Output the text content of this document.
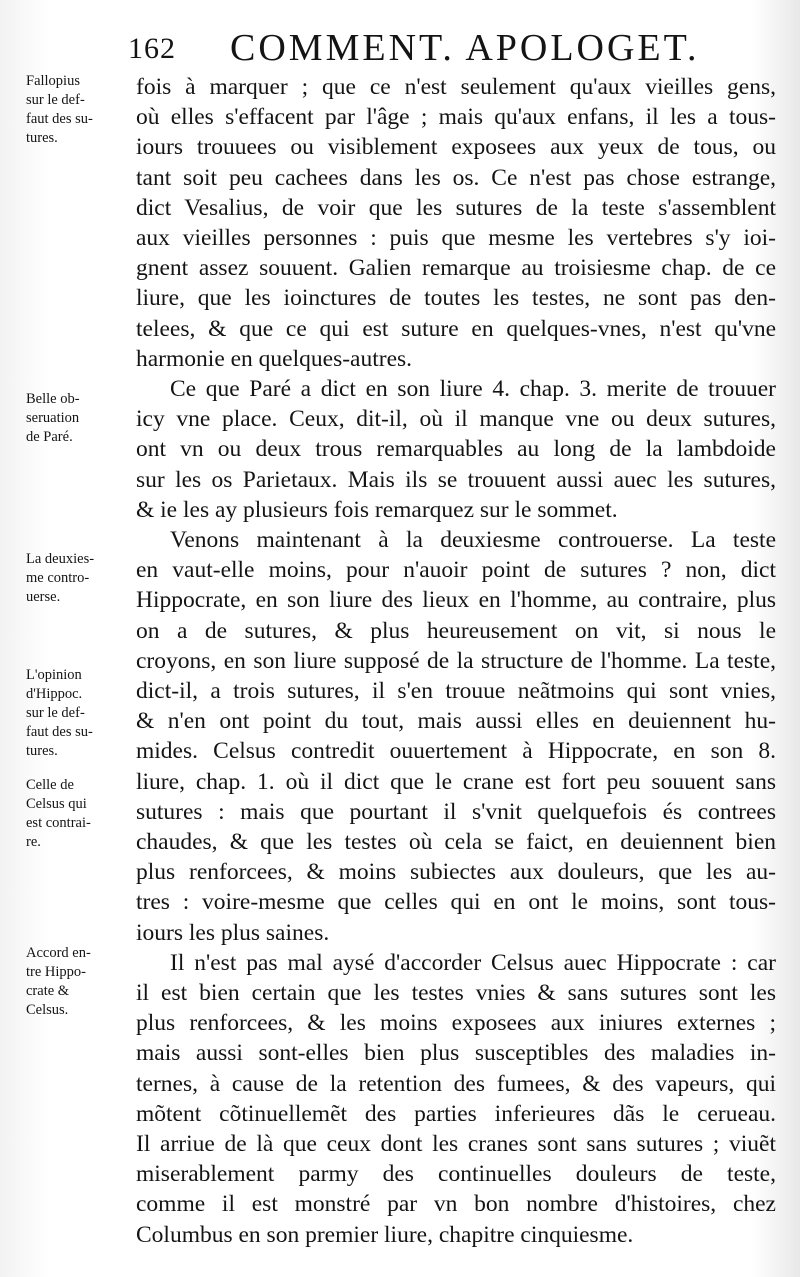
162 COMMENT. APOLOGET.
Fallopius
sur le def-
faut des su-
tures.
Belle ob-
seruation
de Paré.
La deuxies-
me contro-
uerse.
L'opinion
d'Hippoc.
sur le def-
faut des su-
tures.
Celle de
Celsus qui
est contrai-
re.
Accord en-
tre Hippo-
crate &
Celsus.
fois à marquer ; que ce n'est seulement qu'aux vieilles gens,
où elles s'effacent par l'âge ; mais qu'aux enfans, il les a tous-
iours trouuees ou visiblement exposees aux yeux de tous, ou
tant soit peu cachees dans les os. Ce n'est pas chose estrange,
dict Vesalius, de voir que les sutures de la teste s'assemblent
aux vieilles personnes : puis que mesme les vertebres s'y ioi-
gnent assez souuent. Galien remarque au troisiesme chap. de ce
liure, que les ioinctures de toutes les testes, ne sont pas den-
telees, & que ce qui est suture en quelques-vnes, n'est qu'vne
harmonie en quelques-autres.
Ce que Paré a dict en son liure 4. chap. 3. merite de trouuer
icy vne place. Ceux, dit-il, où il manque vne ou deux sutures,
ont vn ou deux trous remarquables au long de la lambdoide
sur les os Parietaux. Mais ils se trouuent aussi auec les sutures,
& ie les ay plusieurs fois remarquez sur le sommet.
Venons maintenant à la deuxiesme controuerse. La teste
en vaut-elle moins, pour n'auoir point de sutures ? non, dict
Hippocrate, en son liure des lieux en l'homme, au contraire, plus
on a de sutures, & plus heureusement on vit, si nous le
croyons, en son liure supposé de la structure de l'homme. La teste,
dict-il, a trois sutures, il s'en trouue neãtmoins qui sont vnies,
& n'en ont point du tout, mais aussi elles en deuiennent hu-
mides. Celsus contredit ouuertement à Hippocrate, en son 8.
liure, chap. 1. où il dict que le crane est fort peu souuent sans
sutures : mais que pourtant il s'vnit quelquefois és contrees
chaudes, & que les testes où cela se faict, en deuiennent bien
plus renforcees, & moins subiectes aux douleurs, que les au-
tres : voire-mesme que celles qui en ont le moins, sont tous-
iours les plus saines.
Il n'est pas mal aysé d'accorder Celsus auec Hippocrate : car
il est bien certain que les testes vnies & sans sutures sont les
plus renforcees, & les moins exposees aux iniures externes ;
mais aussi sont-elles bien plus susceptibles des maladies in-
ternes, à cause de la retention des fumees, & des vapeurs, qui
mõtent cõtinuellemẽt des parties inferieures dãs le cerueau.
Il arriue de là que ceux dont les cranes sont sans sutures ; viuẽt
miserablement parmy des continuelles douleurs de teste,
comme il est monstré par vn bon nombre d'histoires, chez
Columbus en son premier liure, chapitre cinquiesme.
